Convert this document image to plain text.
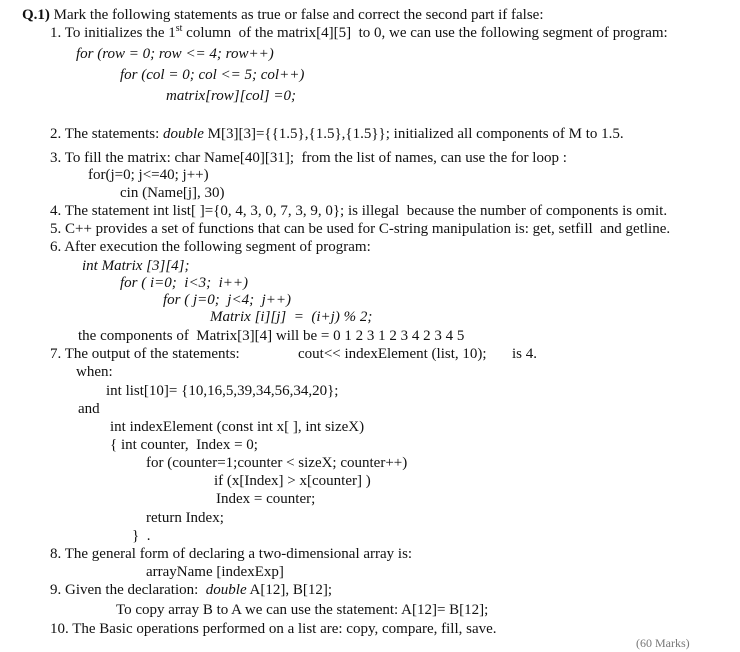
Q.1) Mark the following statements as true or false and correct the second part if false:
1. To initializes the 1st column  of the matrix[4][5]  to 0, we can use the following segment of program:
for (row = 0; row <= 4; row++)
for (col = 0; col <= 5; col++)
matrix[row][col] =0;
2. The statements: double M[3][3]={{1.5},{1.5},{1.5}}; initialized all components of M to 1.5.
3. To fill the matrix: char Name[40][31];  from the list of names, can use the for loop :
for(j=0; j<=40; j++)
cin (Name[j], 30)
4. The statement int list[ ]={0, 4, 3, 0, 7, 3, 9, 0}; is illegal  because the number of components is omit.
5. C++ provides a set of functions that can be used for C-string manipulation is: get, setfill  and getline.
6. After execution the following segment of program:
int Matrix [3][4];
for ( i=0;  i<3;  i++)
for ( j=0;  j<4;  j++)
Matrix [i][j]  =  (i+j) % 2;
the components of  Matrix[3][4] will be = 0 1 2 3 1 2 3 4 2 3 4 5
7. The output of the statements:	cout<< indexElement (list, 10); is 4.
when:
int list[10]= {10,16,5,39,34,56,34,20};
and
int indexElement (const int x[ ], int sizeX)
{ int counter,  Index = 0;
for (counter=1;counter < sizeX; counter++)
if (x[Index] > x[counter] )
Index = counter;
return Index;
}  .
8. The general form of declaring a two-dimensional array is:
arrayName [indexExp]
9. Given the declaration:  double A[12], B[12];
To copy array B to A we can use the statement: A[12]= B[12];
10. The Basic operations performed on a list are: copy, compare, fill, save.
(60 Marks)
